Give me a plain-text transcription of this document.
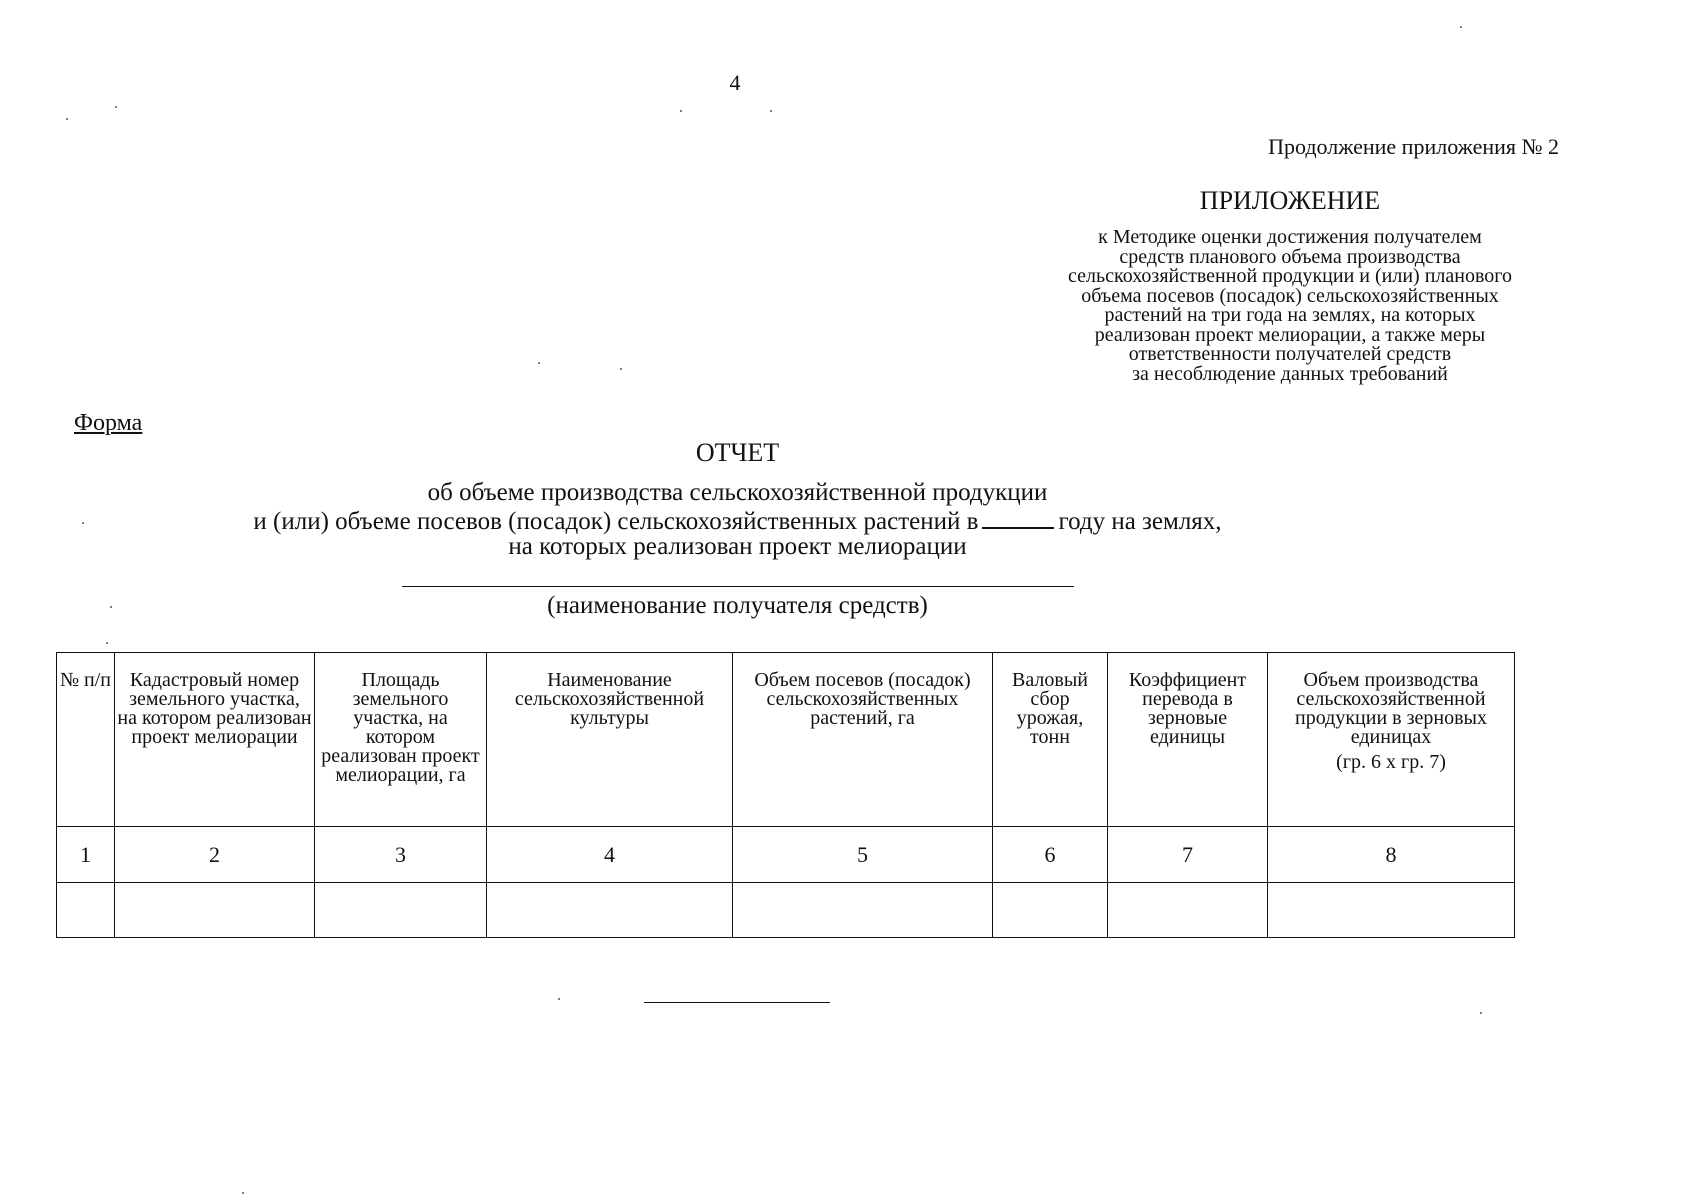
4
Продолжение приложения № 2
ПРИЛОЖЕНИЕ
к Методике оценки достижения получателем
средств планового объема производства
сельскохозяйственной продукции и (или) планового
объема посевов (посадок) сельскохозяйственных
растений на три года на землях, на которых
реализован проект мелиорации, а также меры
ответственности получателей средств
за несоблюдение данных требований
Форма
ОТЧЕТ
об объеме производства сельскохозяйственной продукции
и (или) объеме посевов (посадок) сельскохозяйственных растений в	году на землях,
на которых реализован проект мелиорации
(наименование получателя средств)
№ п/п	Кадастровый номер земельного участка, на котором реализован проект мелиорации	Площадь земельного участка, на котором реализован проект мелиорации, га	Наименование сельскохозяйственной культуры	Объем посевов (посадок) сельскохозяйственных растений, га	Валовый сбор урожая, тонн	Коэффициент перевода в зерновые единицы	Объем производства сельскохозяйственной продукции в зерновых единицах
(гр. 6 х гр. 7)
1	2	3	4	5	6	7	8
